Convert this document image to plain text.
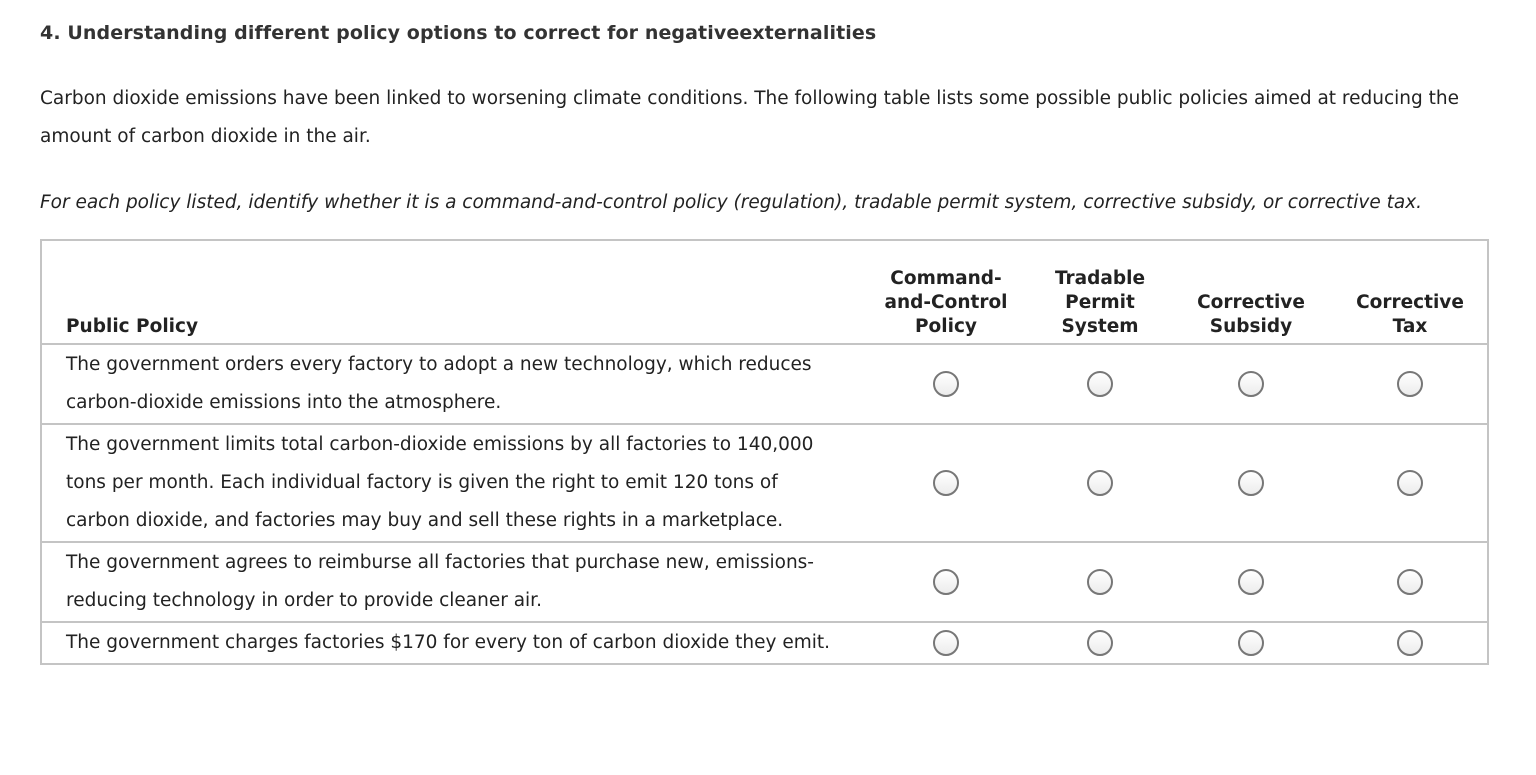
4. Understanding different policy options to correct for negativeexternalities
Carbon dioxide emissions have been linked to worsening climate conditions. The following table lists some possible public policies aimed at reducing the amount of carbon dioxide in the air.
For each policy listed, identify whether it is a command-and-control policy (regulation), tradable permit system, corrective subsidy, or corrective tax.
Public Policy	Command-and-Control Policy	Tradable Permit System	Corrective Subsidy	Corrective Tax
The government orders every factory to adopt a new technology, which reduces carbon-dioxide emissions into the atmosphere.				
The government limits total carbon-dioxide emissions by all factories to 140,000 tons per month. Each individual factory is given the right to emit 120 tons of carbon dioxide, and factories may buy and sell these rights in a marketplace.				
The government agrees to reimburse all factories that purchase new, emissions-reducing technology in order to provide cleaner air.				
The government charges factories $170 for every ton of carbon dioxide they emit.				
